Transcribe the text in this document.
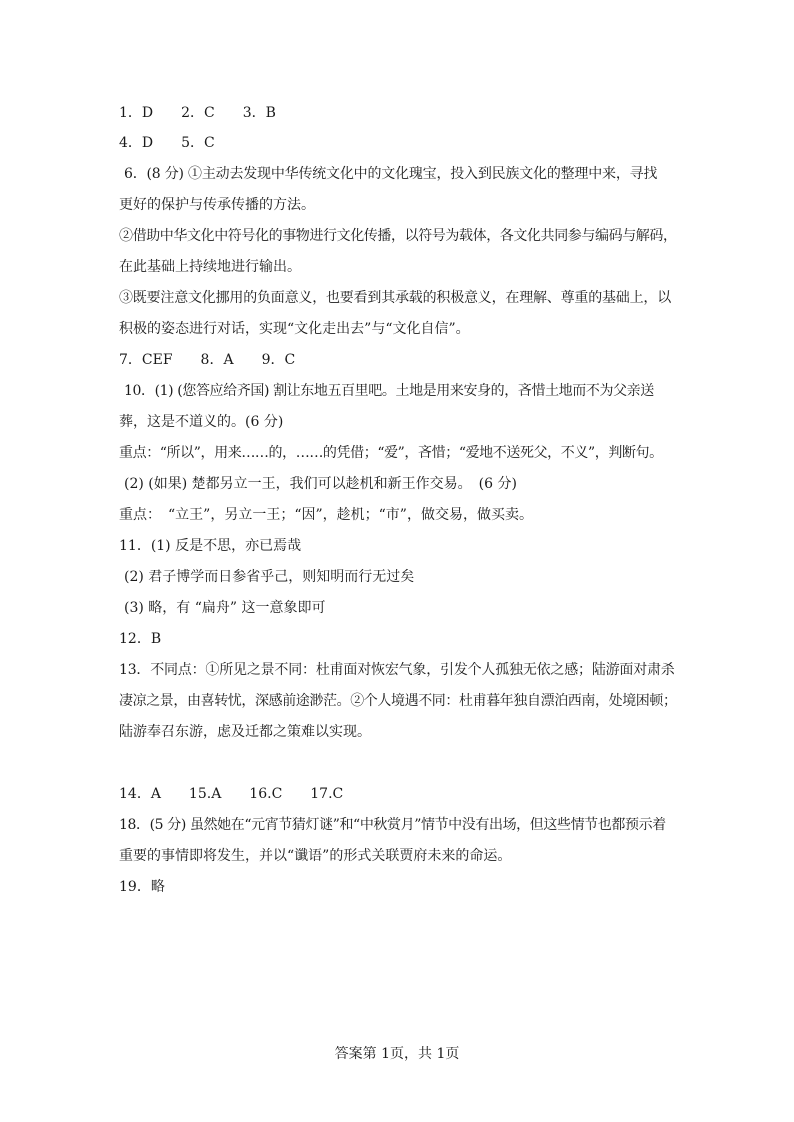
1．D　　2．C　　3．B
4．D　　5．C
6．(8 分) ①主动去发现中华传统文化中的文化瑰宝，投入到民族文化的整理中来，寻找
更好的保护与传承传播的方法。
②借助中华文化中符号化的事物进行文化传播，以符号为载体，各文化共同参与编码与解码，
在此基础上持续地进行输出。
③既要注意文化挪用的负面意义，也要看到其承载的积极意义，在理解、尊重的基础上，以
积极的姿态进行对话，实现“文化走出去”与“文化自信”。
7．CEF　　8．A　　9．C
10．(1) (您答应给齐国) 割让东地五百里吧。土地是用来安身的，吝惜土地而不为父亲送
葬，这是不道义的。(6 分)
重点：“所以”，用来……的，……的凭借；“爱”，吝惜；“爱地不送死父，不义”，判断句。
(2) (如果) 楚都另立一王，我们可以趁机和新王作交易。　(6 分)
重点：　“立王”，另立一王；“因”，趁机；“市”，做交易，做买卖。
11．(1) 反是不思，亦已焉哉
(2) 君子博学而日参省乎己，则知明而行无过矣
(3) 略，有 “扁舟” 这一意象即可
12．B
13．不同点：①所见之景不同：杜甫面对恢宏气象，引发个人孤独无依之感；陆游面对肃杀
凄凉之景，由喜转忧，深感前途渺茫。②个人境遇不同：杜甫暮年独自漂泊西南，处境困顿；
陆游奉召东游，虑及迁都之策难以实现。
14．A　　15.A　　16.C　　17.C
18．(5 分) 虽然她在“元宵节猜灯谜”和“中秋赏月”情节中没有出场，但这些情节也都预示着
重要的事情即将发生，并以“谶语”的形式关联贾府未来的命运。
19．略
答案第 1页，共 1页
